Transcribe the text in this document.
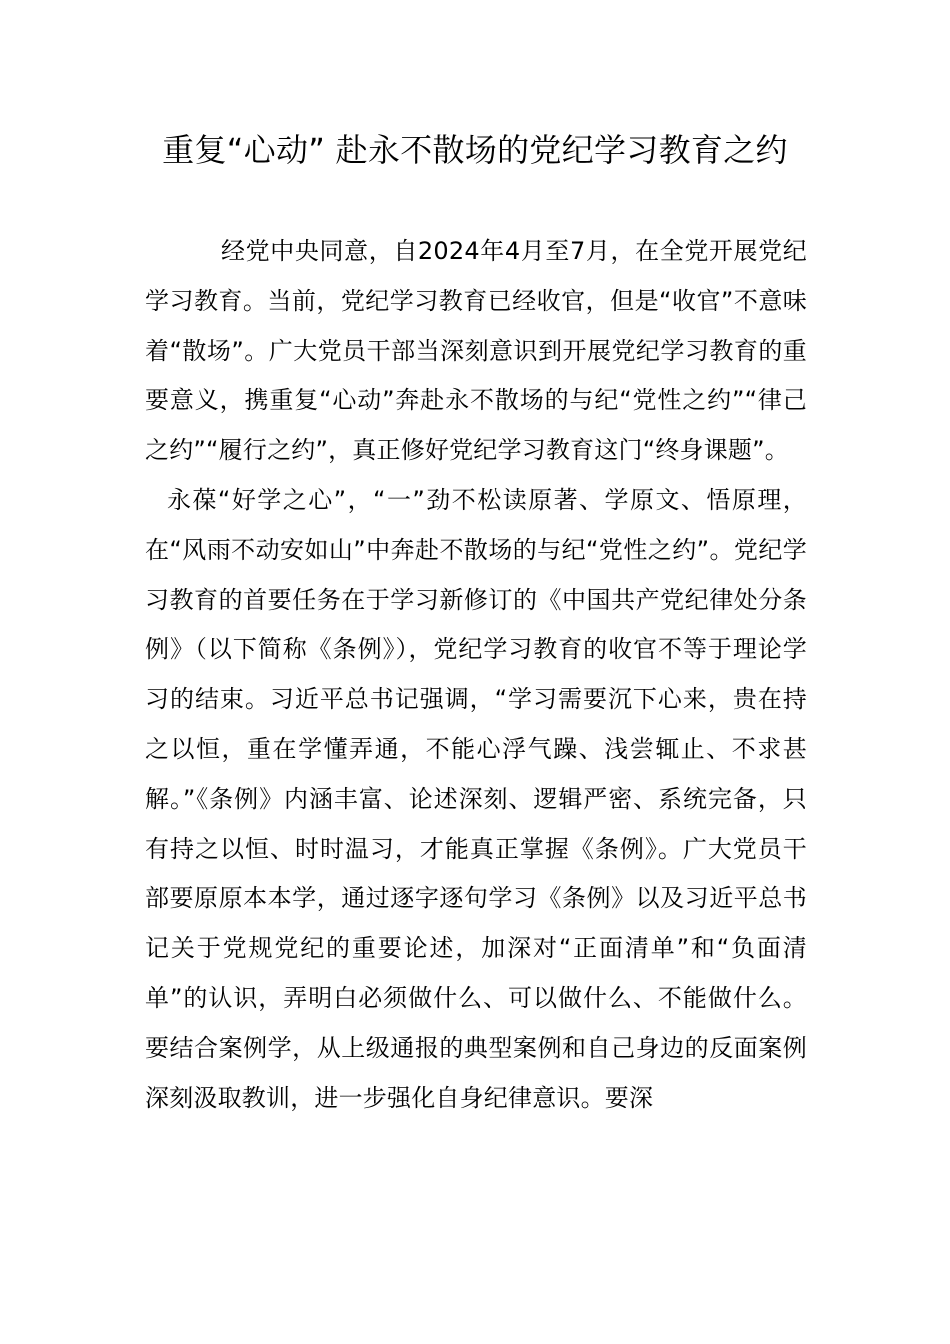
重复“心动” 赴永不散场的党纪学习教育之约

经党中央同意，自2024年4月至7月，在全党开展党纪学习教育。当前，党纪学习教育已经收官，但是“收官”不意味着“散场”。广大党员干部当深刻意识到开展党纪学习教育的重要意义，携重复“心动”奔赴永不散场的与纪“党性之约”“律己之约”“履行之约”，真正修好党纪学习教育这门“终身课题”。

永葆“好学之心”，“一”劲不松读原著、学原文、悟原理，在“风雨不动安如山”中奔赴不散场的与纪“党性之约”。党纪学习教育的首要任务在于学习新修订的《中国共产党纪律处分条例》（以下简称《条例》），党纪学习教育的收官不等于理论学习的结束。习近平总书记强调，“学习需要沉下心来，贵在持之以恒，重在学懂弄通，不能心浮气躁、浅尝辄止、不求甚解。”《条例》内涵丰富、论述深刻、逻辑严密、系统完备，只有持之以恒、时时温习，才能真正掌握《条例》。广大党员干部要原原本本学，通过逐字逐句学习《条例》以及习近平总书记关于党规党纪的重要论述，加深对“正面清单”和“负面清单”的认识，弄明白必须做什么、可以做什么、不能做什么。要结合案例学，从上级通报的典型案例和自己身边的反面案例深刻汲取教训，进一步强化自身纪律意识。要深
